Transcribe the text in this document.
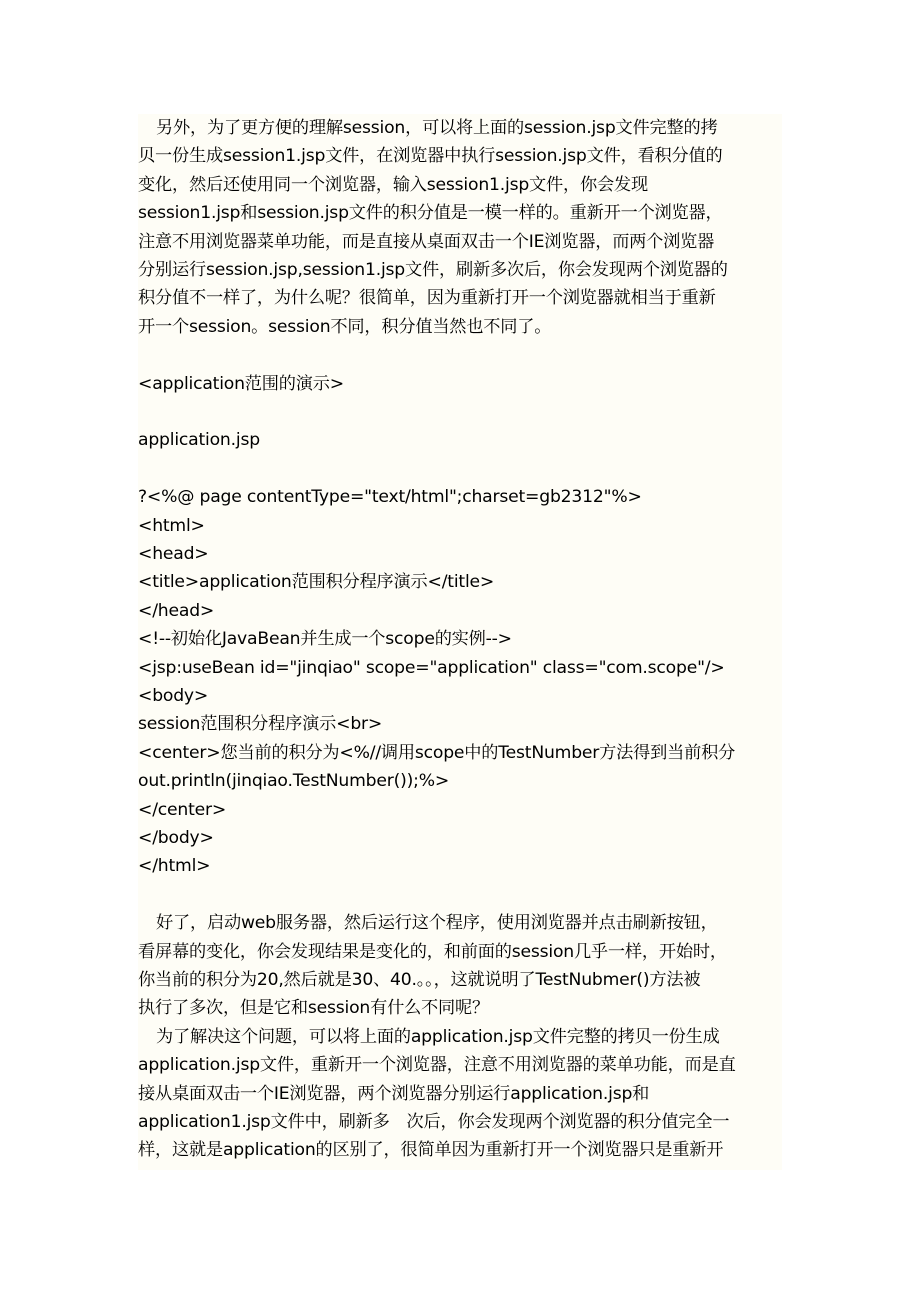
另外，为了更方便的理解session，可以将上面的session.jsp文件完整的拷
贝一份生成session1.jsp文件，在浏览器中执行session.jsp文件，看积分值的
变化，然后还使用同一个浏览器，输入session1.jsp文件，你会发现
session1.jsp和session.jsp文件的积分值是一模一样的。重新开一个浏览器，
注意不用浏览器菜单功能，而是直接从桌面双击一个IE浏览器，而两个浏览器
分别运行session.jsp,session1.jsp文件，刷新多次后，你会发现两个浏览器的
积分值不一样了，为什么呢？很简单，因为重新打开一个浏览器就相当于重新
开一个session。session不同，积分值当然也不同了。
<application范围的演示>
application.jsp
?<%@ page contentType="text/html";charset=gb2312"%>
<html>
<head>
<title>application范围积分程序演示</title>
</head>
<!--初始化JavaBean并生成一个scope的实例-->
<jsp:useBean id="jinqiao" scope="application" class="com.scope"/>
<body>
session范围积分程序演示<br>
<center>您当前的积分为<%//调用scope中的TestNumber方法得到当前积分
out.println(jinqiao.TestNumber());%>
</center>
</body>
</html>
好了，启动web服务器，然后运行这个程序，使用浏览器并点击刷新按钮，
看屏幕的变化，你会发现结果是变化的，和前面的session几乎一样，开始时，
你当前的积分为20,然后就是30、40.。。，这就说明了TestNubmer()方法被
执行了多次，但是它和session有什么不同呢？
为了解决这个问题，可以将上面的application.jsp文件完整的拷贝一份生成
application.jsp文件，重新开一个浏览器，注意不用浏览器的菜单功能，而是直
接从桌面双击一个IE浏览器，两个浏览器分别运行application.jsp和
application1.jsp文件中，刷新多　次后，你会发现两个浏览器的积分值完全一
样，这就是application的区别了，很简单因为重新打开一个浏览器只是重新开
